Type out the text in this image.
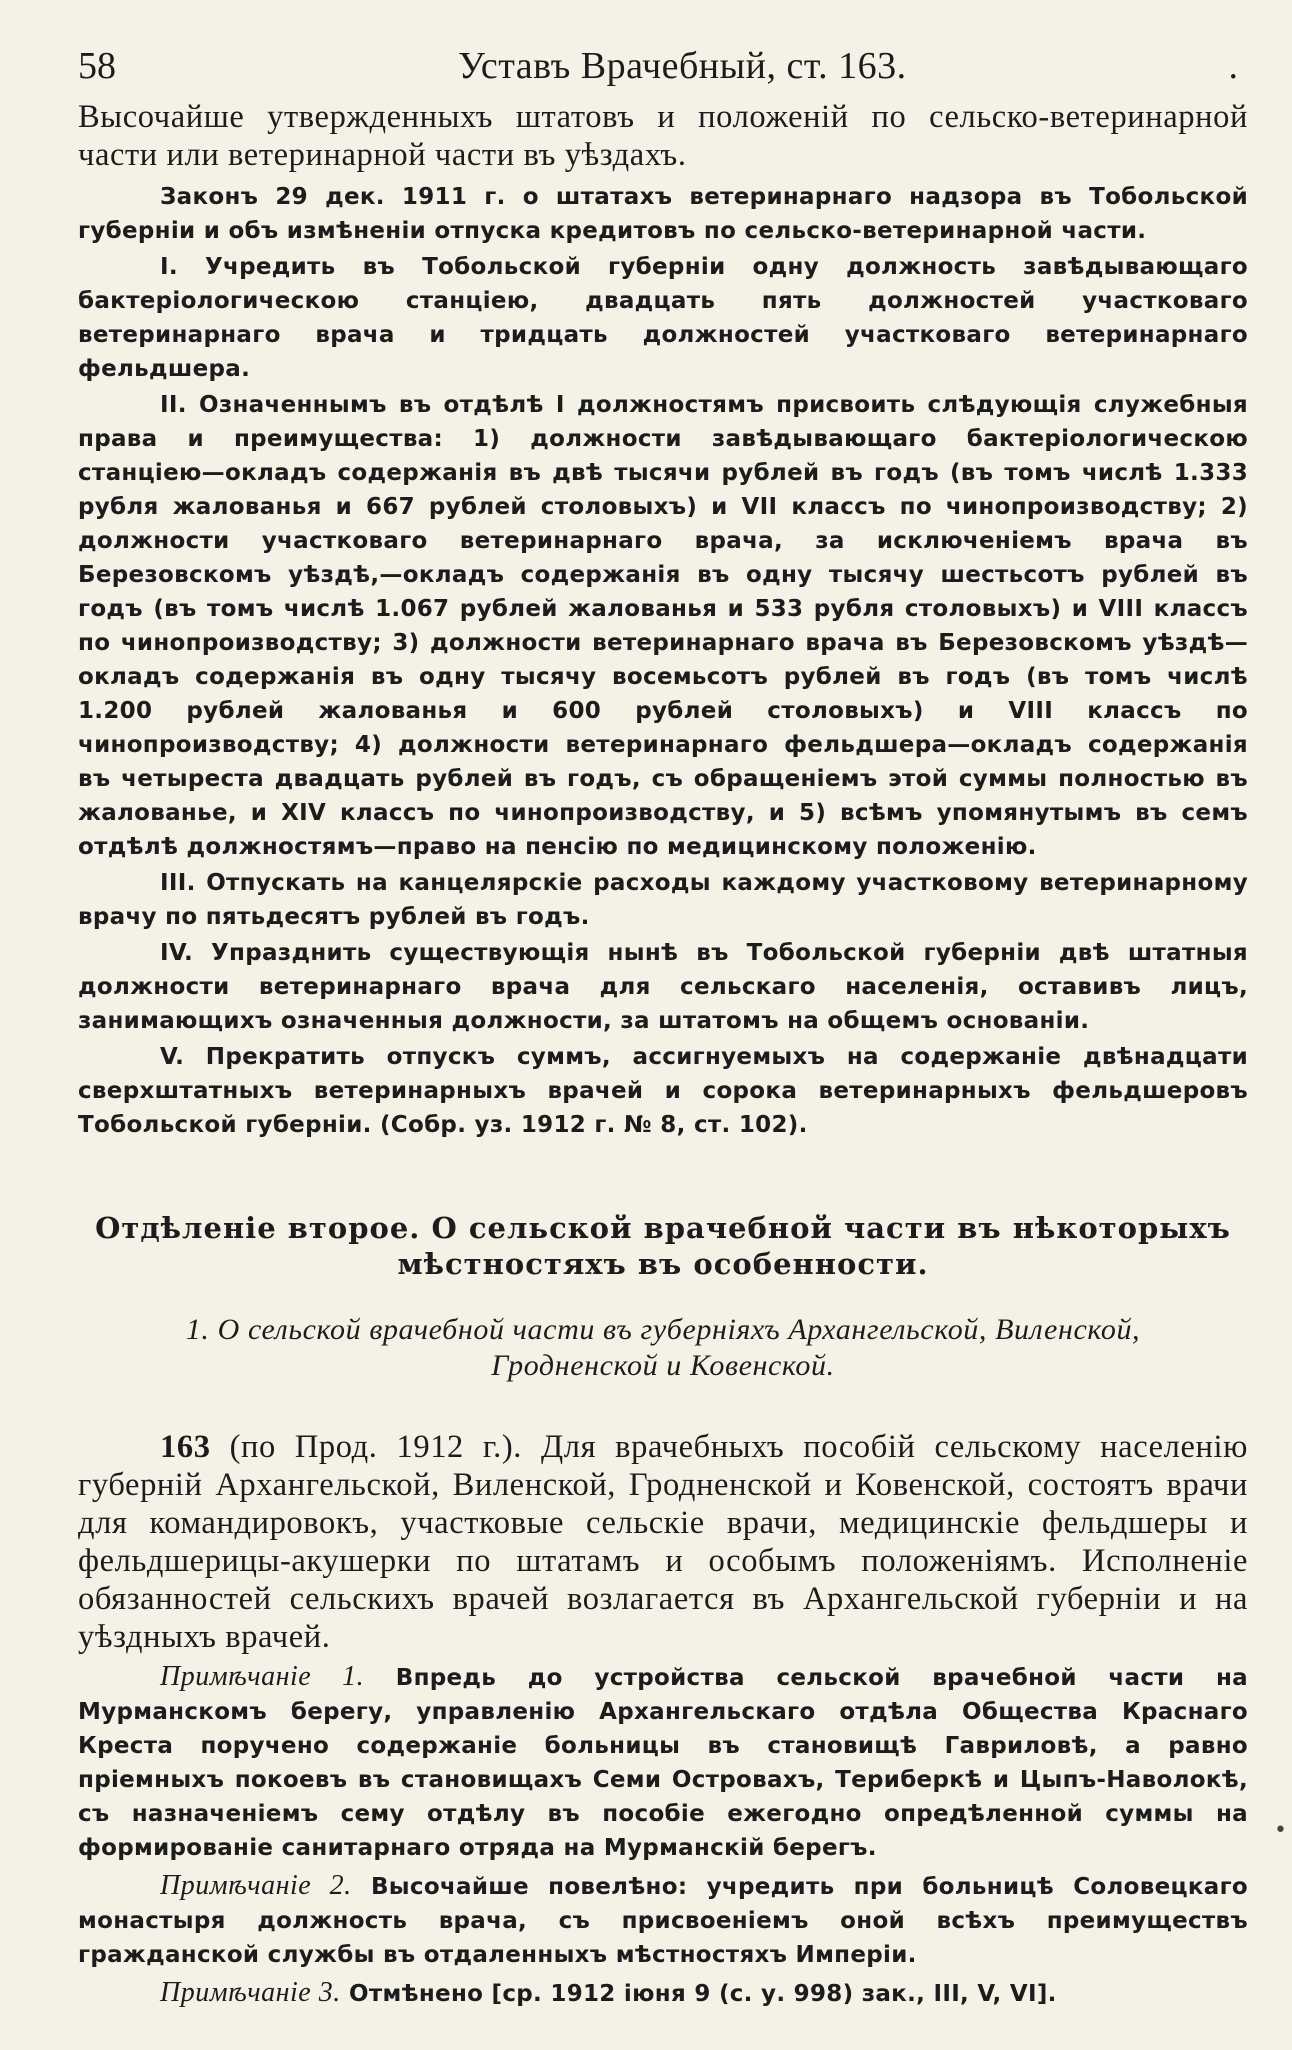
58	Уставъ Врачебный, ст. 163.	.

Высочайше утвержденныхъ штатовъ и положеній по сельско-ветеринарной части или ветеринарной части въ уѣздахъ.

Законъ 29 дек. 1911 г. о штатахъ ветеринарнаго надзора въ Тобольской губерніи и объ измѣненіи отпуска кредитовъ по сельско-ветеринарной части.

I. Учредить въ Тобольской губерніи одну должность завѣдывающаго бактеріологическою станціею, двадцать пять должностей участковаго ветеринарнаго врача и тридцать должностей участковаго ветеринарнаго фельдшера.

II. Означеннымъ въ отдѣлѣ I должностямъ присвоить слѣдующія служебныя права и преимущества: 1) должности завѣдывающаго бактеріологическою станціею—окладъ содержанія въ двѣ тысячи рублей въ годъ (въ томъ числѣ 1.333 рубля жалованья и 667 рублей столовыхъ) и VII классъ по чинопроизводству; 2) должности участковаго ветеринарнаго врача, за исключеніемъ врача въ Березовскомъ уѣздѣ,—окладъ содержанія въ одну тысячу шестьсотъ рублей въ годъ (въ томъ числѣ 1.067 рублей жалованья и 533 рубля столовыхъ) и VIII классъ по чинопроизводству; 3) должности ветеринарнаго врача въ Березовскомъ уѣздѣ—окладъ содержанія въ одну тысячу восемьсотъ рублей въ годъ (въ томъ числѣ 1.200 рублей жалованья и 600 рублей столовыхъ) и VIII классъ по чинопроизводству; 4) должности ветеринарнаго фельдшера—окладъ содержанія въ четыреста двадцать рублей въ годъ, съ обращеніемъ этой суммы полностью въ жалованье, и XIV классъ по чинопроизводству, и 5) всѣмъ упомянутымъ въ семъ отдѣлѣ должностямъ—право на пенсію по медицинскому положенію.

III. Отпускать на канцелярскіе расходы каждому участковому ветеринарному врачу по пятьдесятъ рублей въ годъ.

IV. Упразднить существующія нынѣ въ Тобольской губерніи двѣ штатныя должности ветеринарнаго врача для сельскаго населенія, оставивъ лицъ, занимающихъ означенныя должности, за штатомъ на общемъ основаніи.

V. Прекратить отпускъ суммъ, ассигнуемыхъ на содержаніе двѣнадцати сверхштатныхъ ветеринарныхъ врачей и сорока ветеринарныхъ фельдшеровъ Тобольской губерніи. (Собр. уз. 1912 г. № 8, ст. 102).

Отдѣленіе второе. О сельской врачебной части въ нѣкоторыхъ
мѣстностяхъ въ особенности.
1. О сельской врачебной части въ губерніяхъ Архангельской, Виленской,
Гродненской и Ковенской.

163 (по Прод. 1912 г.). Для врачебныхъ пособій сельскому населенію губерній Архангельской, Виленской, Гродненской и Ковенской, состоятъ врачи для командировокъ, участковые сельскіе врачи, медицинскіе фельдшеры и фельдшерицы-акушерки по штатамъ и особымъ положеніямъ. Исполненіе обязанностей сельскихъ врачей возлагается въ Архангельской губерніи и на уѣздныхъ врачей.

Примѣчаніе 1. Впредь до устройства сельской врачебной части на Мурманскомъ берегу, управленію Архангельскаго отдѣла Общества Краснаго Креста поручено содержаніе больницы въ становищѣ Гавриловѣ, а равно пріемныхъ покоевъ въ становищахъ Семи Островахъ, Териберкѣ и Цыпъ-Наволокѣ, съ назначеніемъ сему отдѣлу въ пособіе ежегодно опредѣленной суммы на формированіе санитарнаго отряда на Мурманскій берегъ.

Примѣчаніе 2. Высочайше повелѣно: учредить при больницѣ Соловецкаго монастыря должность врача, съ присвоеніемъ оной всѣхъ преимуществъ гражданской службы въ отдаленныхъ мѣстностяхъ Имперіи.

Примѣчаніе 3. Отмѣнено [ср. 1912 іюня 9 (с. у. 998) зак., III, V, VI].

•
